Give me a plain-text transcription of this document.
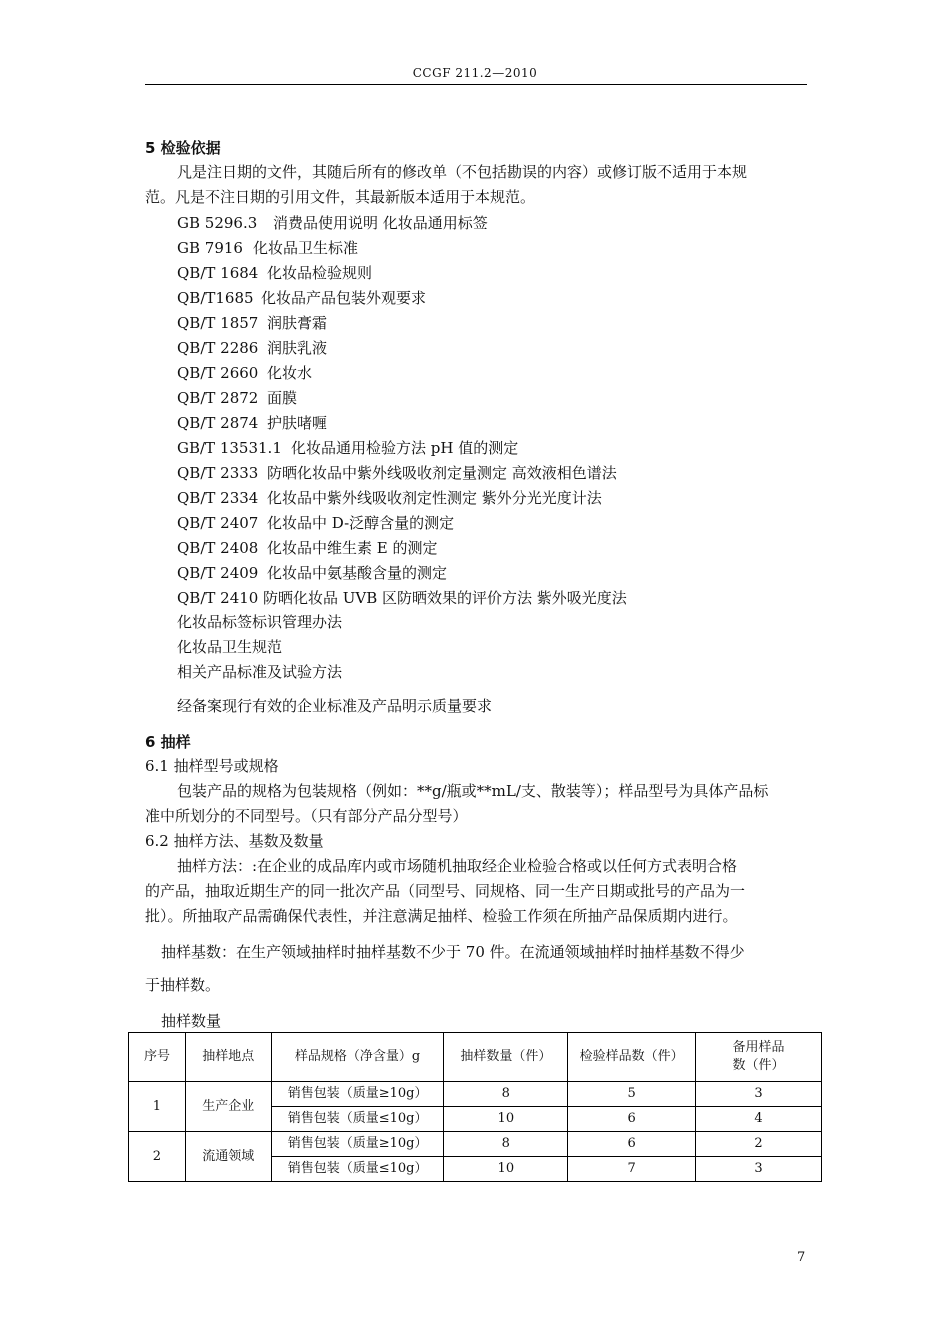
CCGF 211.2—2010
5 检验依据
凡是注日期的文件，其随后所有的修改单（不包括勘误的内容）或修订版不适用于本规
范。凡是不注日期的引用文件，其最新版本适用于本规范。
GB 5296.3 消费品使用说明 化妆品通用标签
GB 7916 化妆品卫生标准
QB/T 1684 化妆品检验规则
QB/T1685 化妆品产品包装外观要求
QB/T 1857 润肤膏霜
QB/T 2286 润肤乳液
QB/T 2660 化妆水
QB/T 2872 面膜
QB/T 2874 护肤啫喱
GB/T 13531.1 化妆品通用检验方法 pH 值的测定
QB/T 2333 防晒化妆品中紫外线吸收剂定量测定 高效液相色谱法
QB/T 2334 化妆品中紫外线吸收剂定性测定 紫外分光光度计法
QB/T 2407 化妆品中 D-泛醇含量的测定
QB/T 2408 化妆品中维生素 E 的测定
QB/T 2409 化妆品中氨基酸含量的测定
QB/T 2410 防晒化妆品 UVB 区防晒效果的评价方法 紫外吸光度法
化妆品标签标识管理办法
化妆品卫生规范
相关产品标准及试验方法
经备案现行有效的企业标准及产品明示质量要求
6 抽样
6.1 抽样型号或规格
包装产品的规格为包装规格（例如：**g/瓶或**mL/支、散装等）；样品型号为具体产品标
准中所划分的不同型号。（只有部分产品分型号）
6.2 抽样方法、基数及数量
抽样方法：:在企业的成品库内或市场随机抽取经企业检验合格或以任何方式表明合格
的产品，抽取近期生产的同一批次产品（同型号、同规格、同一生产日期或批号的产品为一
批）。所抽取产品需确保代表性，并注意满足抽样、检验工作须在所抽产品保质期内进行。
抽样基数：在生产领域抽样时抽样基数不少于 70 件。在流通领域抽样时抽样基数不得少
于抽样数。
抽样数量
序号	抽样地点	样品规格（净含量）g	抽样数量（件）	检验样品数（件）	备用样品数（件）
1	生产企业	销售包装（质量≥10g）	8	5	3
		销售包装（质量≤10g）	10	6	4
2	流通领域	销售包装（质量≥10g）	8	6	2
		销售包装（质量≤10g）	10	7	3
7
